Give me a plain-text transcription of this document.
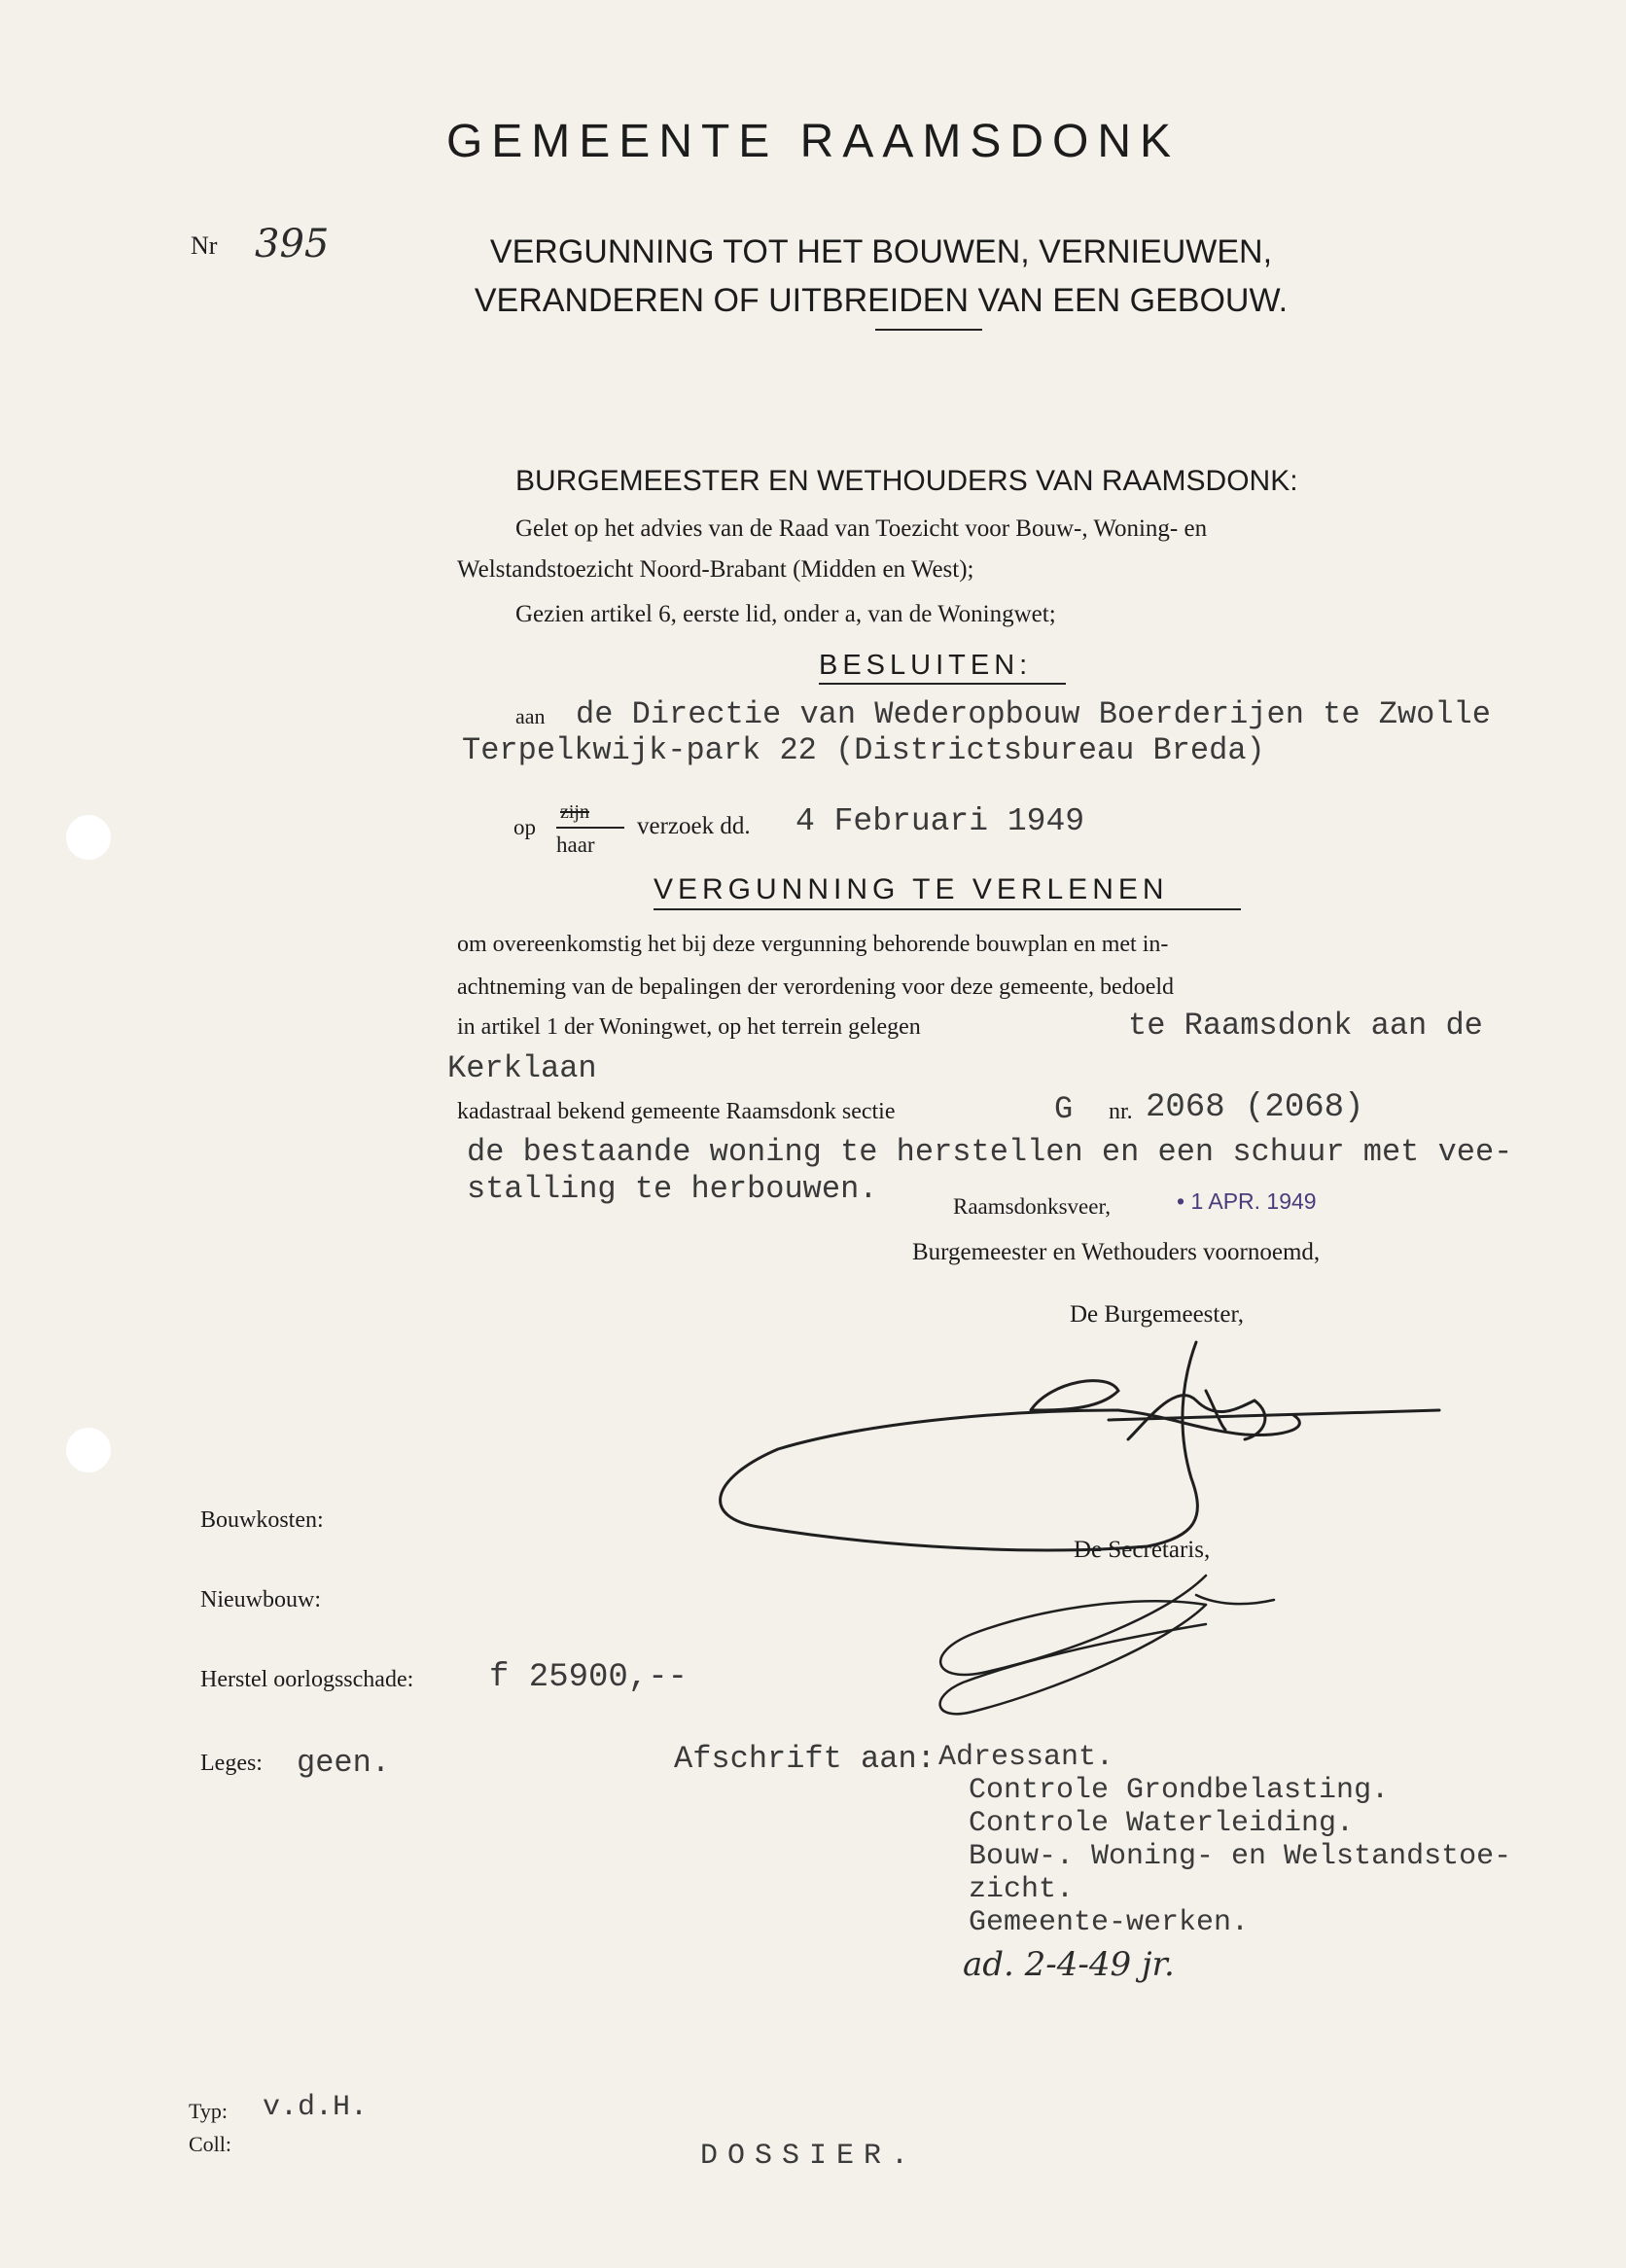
GEMEENTE RAAMSDONK
Nr 395	VERGUNNING TOT HET BOUWEN, VERNIEUWEN,
VERANDEREN OF UITBREIDEN VAN EEN GEBOUW.
BURGEMEESTER EN WETHOUDERS VAN RAAMSDONK:
Gelet op het advies van de Raad van Toezicht voor Bouw-, Woning- en
Welstandstoezicht Noord-Brabant (Midden en West);
Gezien artikel 6, eerste lid, onder a, van de Woningwet;
BESLUITEN:
aan de Directie van Wederopbouw Boerderijen te Zwolle
Terpelkwijk-park 22 (Districtsbureau Breda)
op
zijn
haar
verzoek dd. 4 Februari 1949
VERGUNNING TE VERLENEN
om overeenkomstig het bij deze vergunning behorende bouwplan en met in-
achtneming van de bepalingen der verordening voor deze gemeente, bedoeld
in artikel 1 der Woningwet, op het terrein gelegen	te Raamsdonk aan de
Kerklaan
kadastraal bekend gemeente Raamsdonk sectie	G nr. 2068 (2068)
de bestaande woning te herstellen en een schuur met vee-
stalling te herbouwen.	Raamsdonksveer,	• 1 APR. 1949
Burgemeester en Wethouders voornoemd,
De Burgemeester,
De Secretaris,
Bouwkosten:
Nieuwbouw:
Herstel oorlogsschade: f 25900,--
Leges: geen.	Afschrift aan: Adressant.
Controle Grondbelasting.
Controle Waterleiding.
Bouw-. Woning- en Welstandstoe-
zicht.
Gemeente-werken.
ad. 2-4-49 jr.
Typ: v.d.H.
Coll:	DOSSIER.
